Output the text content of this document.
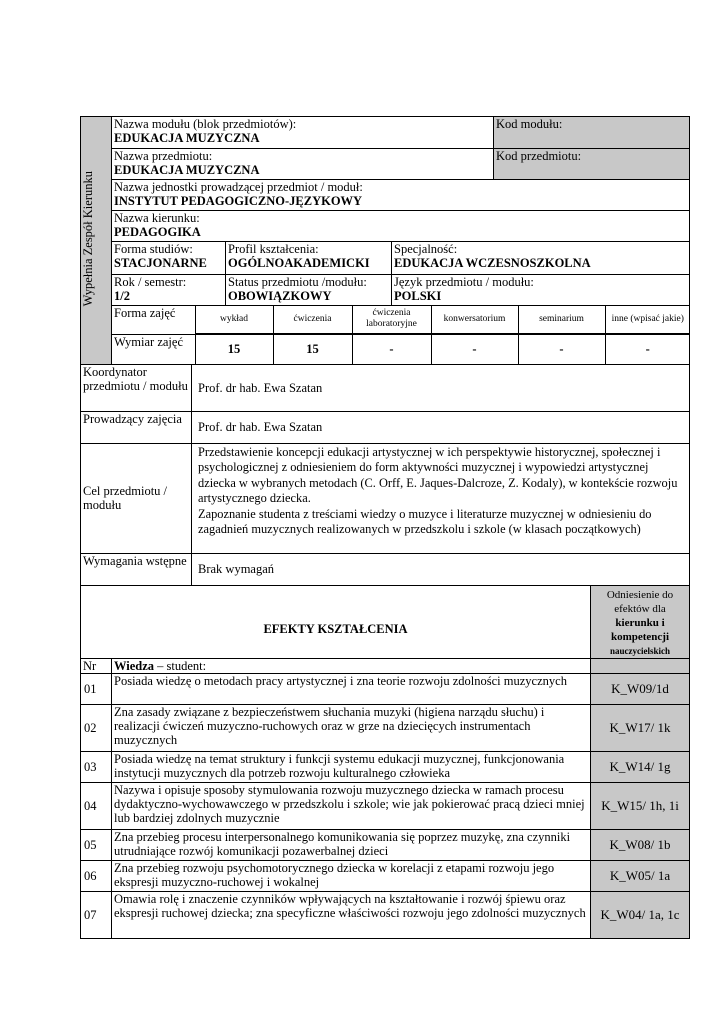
Wypełnia Zespół Kierunku	
Nazwa modułu (blok przedmiotów):
EDUKACJA MUZYCZNA

Kod modułu:

Nazwa przedmiotu:
EDUKACJA MUZYCZNA

Kod przedmiotu:

Nazwa jednostki prowadzącej przedmiot / moduł:
INSTYTUT PEDAGOGICZNO-JĘZYKOWY

Nazwa kierunku:
PEDAGOGIKA

Forma studiów:
STACJONARNE

Profil kształcenia:
OGÓLNOAKADEMICKI

Specjalność:
EDUKACJA WCZESNOSZKOLNA

Rok / semestr:
1/2

Status przedmiotu /modułu:
OBOWIĄZKOWY

Język przedmiotu / modułu:
POLSKI

Forma zajęć	wykład	ćwiczenia	ćwiczenia laboratoryjne	konwersatorium	seminarium	inne (wpisać jakie)

Wymiar zajęć	15	15	-	-	-	-
Koordynator przedmiotu / modułu	Prof. dr hab. Ewa Szatan
Prowadzący zajęcia	Prof. dr hab. Ewa Szatan
Cel przedmiotu / modułu	Przedstawienie koncepcji edukacji artystycznej w ich perspektywie historycznej, społecznej i psychologicznej z odniesieniem do form aktywności muzycznej i wypowiedzi artystycznej dziecka w wybranych metodach (C. Orff, E. Jaques-Dalcroze, Z. Kodaly), w kontekście rozwoju artystycznego dziecka.
Zapoznanie studenta z treściami wiedzy o muzyce i literaturze muzycznej w odniesieniu do zagadnień muzycznych realizowanych w przedszkolu i szkole (w klasach początkowych)

Wymagania wstępne	Brak wymagań
EFEKTY KSZTAŁCENIA		Odniesienie do efektów dla
kierunku i kompetencji
nauczycielskich

Nr	Wiedza – student:	
01	Posiada wiedzę o metodach pracy artystycznej i zna teorie rozwoju zdolności muzycznych	K_W09/1d
02	Zna zasady związane z bezpieczeństwem słuchania muzyki (higiena narządu słuchu) i realizacji ćwiczeń muzyczno-ruchowych oraz w grze na dziecięcych instrumentach muzycznych	K_W17/ 1k
03	Posiada wiedzę na temat struktury i funkcji systemu edukacji muzycznej, funkcjonowania instytucji muzycznych dla potrzeb rozwoju kulturalnego człowieka	K_W14/ 1g
04	Nazywa i opisuje sposoby stymulowania rozwoju muzycznego dziecka w ramach procesu dydaktyczno-wychowawczego w przedszkolu i szkole; wie jak pokierować pracą dzieci mniej lub bardziej zdolnych muzycznie	K_W15/ 1h, 1i
05	Zna przebieg procesu interpersonalnego komunikowania się poprzez muzykę, zna czynniki utrudniające rozwój komunikacji pozawerbalnej dzieci	K_W08/ 1b
06	Zna przebieg rozwoju psychomotorycznego dziecka w korelacji z etapami rozwoju jego ekspresji muzyczno-ruchowej i wokalnej	K_W05/ 1a
07	Omawia rolę i znaczenie czynników wpływających na kształtowanie i rozwój śpiewu oraz ekspresji ruchowej dziecka; zna specyficzne właściwości rozwoju jego zdolności muzycznych	K_W04/ 1a, 1c
